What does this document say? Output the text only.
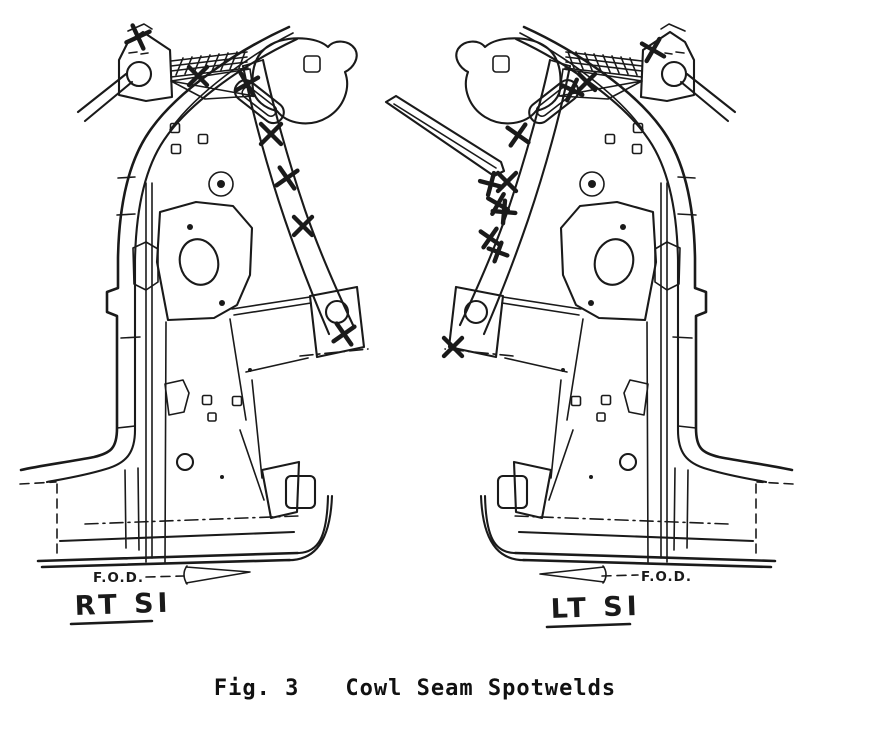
F.O.D.	F.O.D.
RT SI	LT SI
Fig. 3 Cowl Seam Spotwelds
